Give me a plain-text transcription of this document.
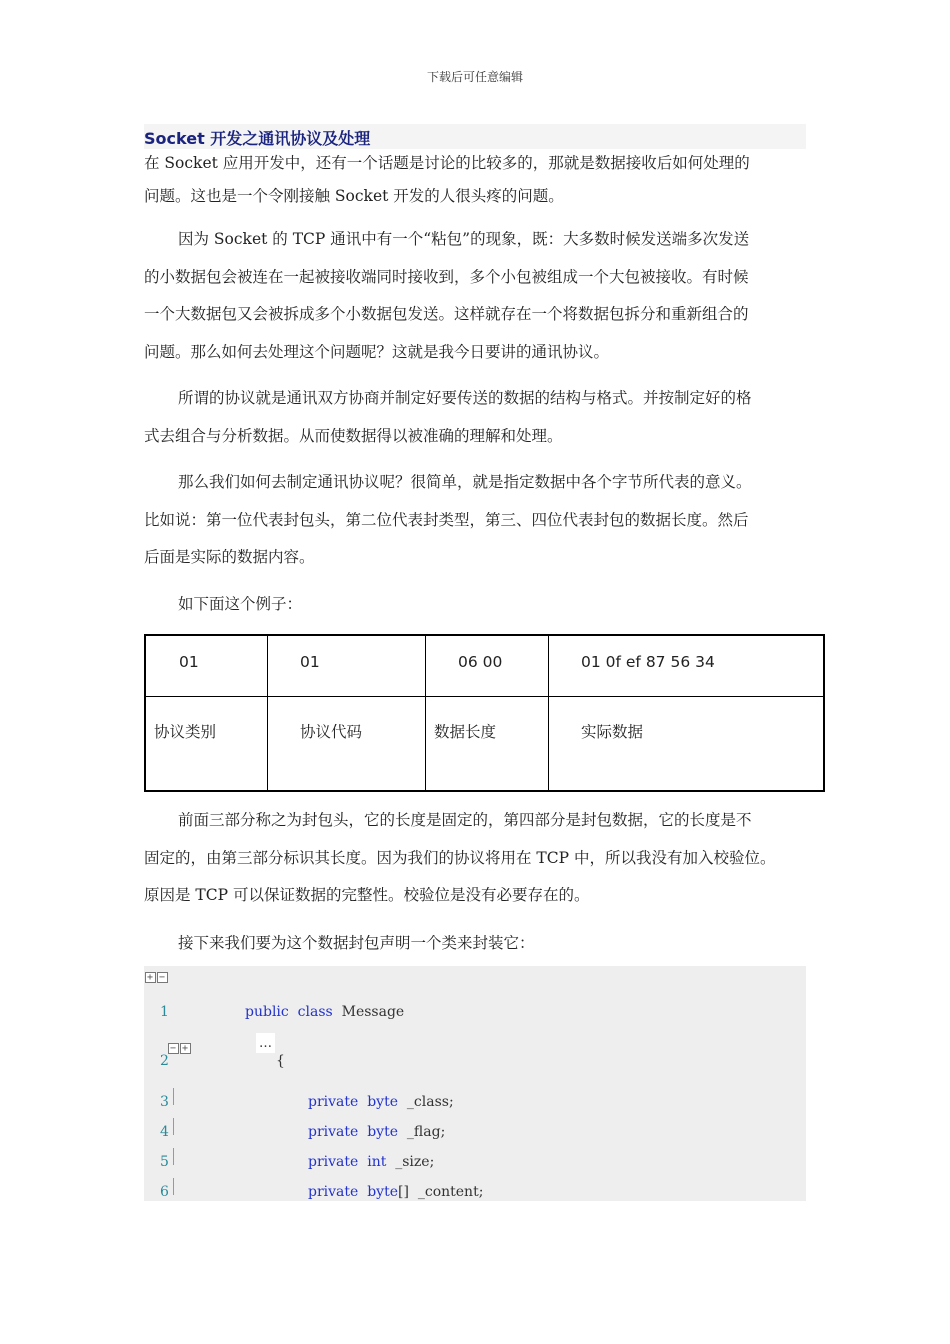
下载后可任意编辑
Socket 开发之通讯协议及处理
在 Socket 应用开发中，还有一个话题是讨论的比较多的，那就是数据接收后如何处理的
问题。这也是一个令刚接触 Socket 开发的人很头疼的问题。
因为 Socket 的 TCP 通讯中有一个“粘包”的现象，既：大多数时候发送端多次发送
的小数据包会被连在一起被接收端同时接收到，多个小包被组成一个大包被接收。有时候
一个大数据包又会被拆成多个小数据包发送。这样就存在一个将数据包拆分和重新组合的
问题。那么如何去处理这个问题呢？这就是我今日要讲的通讯协议。
所谓的协议就是通讯双方协商并制定好要传送的数据的结构与格式。并按制定好的格
式去组合与分析数据。从而使数据得以被准确的理解和处理。
那么我们如何去制定通讯协议呢？很简单，就是指定数据中各个字节所代表的意义。
比如说：第一位代表封包头，第二位代表封类型，第三、四位代表封包的数据长度。然后
后面是实际的数据内容。
如下面这个例子：
01	01	06 00	01 0f ef 87 56 34

协议类别	协议代码	数据长度	实际数据
前面三部分称之为封包头，它的长度是固定的，第四部分是封包数据，它的长度是不
固定的，由第三部分标识其长度。因为我们的协议将用在 TCP 中，所以我没有加入校验位。
原因是 TCP 可以保证数据的完整性。校验位是没有必要存在的。
接下来我们要为这个数据封包声明一个类来封装它：
+ −
1	public class Message
− +	…
2	{
3	private byte _class;
4	private byte _flag;
5	private int _size;
6	private byte[] _content;
